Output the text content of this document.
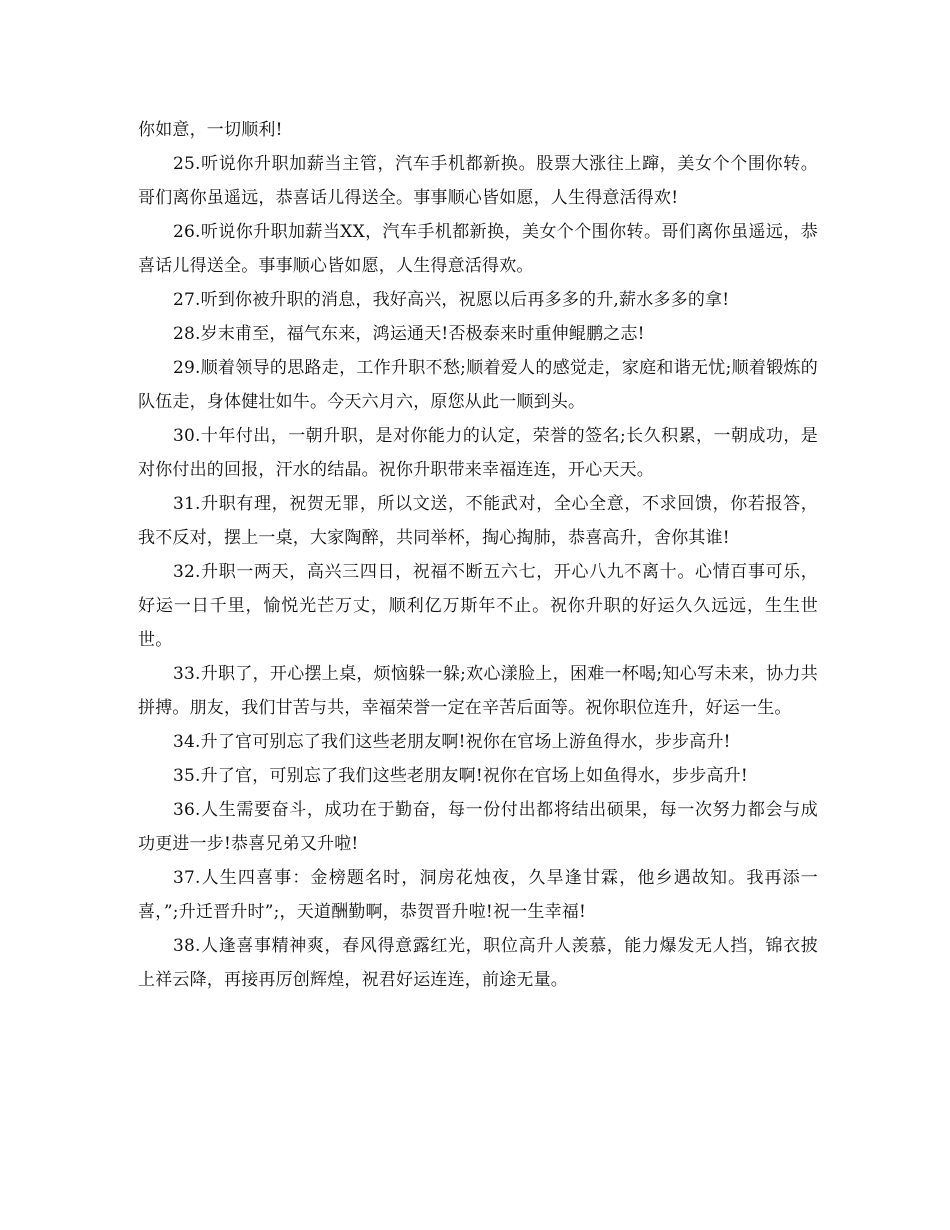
你如意，一切顺利!

25.听说你升职加薪当主管，汽车手机都新换。股票大涨往上蹿，美女个个围你转。哥们离你虽遥远，恭喜话儿得送全。事事顺心皆如愿，人生得意活得欢!

26.听说你升职加薪当XX，汽车手机都新换，美女个个围你转。哥们离你虽遥远，恭喜话儿得送全。事事顺心皆如愿，人生得意活得欢。

27.听到你被升职的消息，我好高兴，祝愿以后再多多的升,薪水多多的拿!

28.岁末甫至，福气东来，鸿运通天!否极泰来时重伸鲲鹏之志!

29.顺着领导的思路走，工作升职不愁;顺着爱人的感觉走，家庭和谐无忧;顺着锻炼的队伍走，身体健壮如牛。今天六月六，原您从此一顺到头。

30.十年付出，一朝升职，是对你能力的认定，荣誉的签名;长久积累，一朝成功，是对你付出的回报，汗水的结晶。祝你升职带来幸福连连，开心天天。

31.升职有理，祝贺无罪，所以文送，不能武对，全心全意，不求回馈，你若报答，我不反对，摆上一桌，大家陶醉，共同举杯，掏心掏肺，恭喜高升，舍你其谁!

32.升职一两天，高兴三四日，祝福不断五六七，开心八九不离十。心情百事可乐，好运一日千里，愉悦光芒万丈，顺利亿万斯年不止。祝你升职的好运久久远远，生生世世。

33.升职了，开心摆上桌，烦恼躲一躲;欢心漾脸上，困难一杯喝;知心写未来，协力共拼搏。朋友，我们甘苦与共，幸福荣誉一定在辛苦后面等。祝你职位连升，好运一生。

34.升了官可别忘了我们这些老朋友啊!祝你在官场上游鱼得水，步步高升!

35.升了官，可别忘了我们这些老朋友啊!祝你在官场上如鱼得水，步步高升!

36.人生需要奋斗，成功在于勤奋，每一份付出都将结出硕果，每一次努力都会与成功更进一步!恭喜兄弟又升啦!

37.人生四喜事：金榜题名时，洞房花烛夜，久旱逢甘霖，他乡遇故知。我再添一喜，”;升迁晋升时”;，天道酬勤啊，恭贺晋升啦!祝一生幸福!

38.人逢喜事精神爽，春风得意露红光，职位高升人羡慕，能力爆发无人挡，锦衣披上祥云降，再接再厉创辉煌，祝君好运连连，前途无量。
